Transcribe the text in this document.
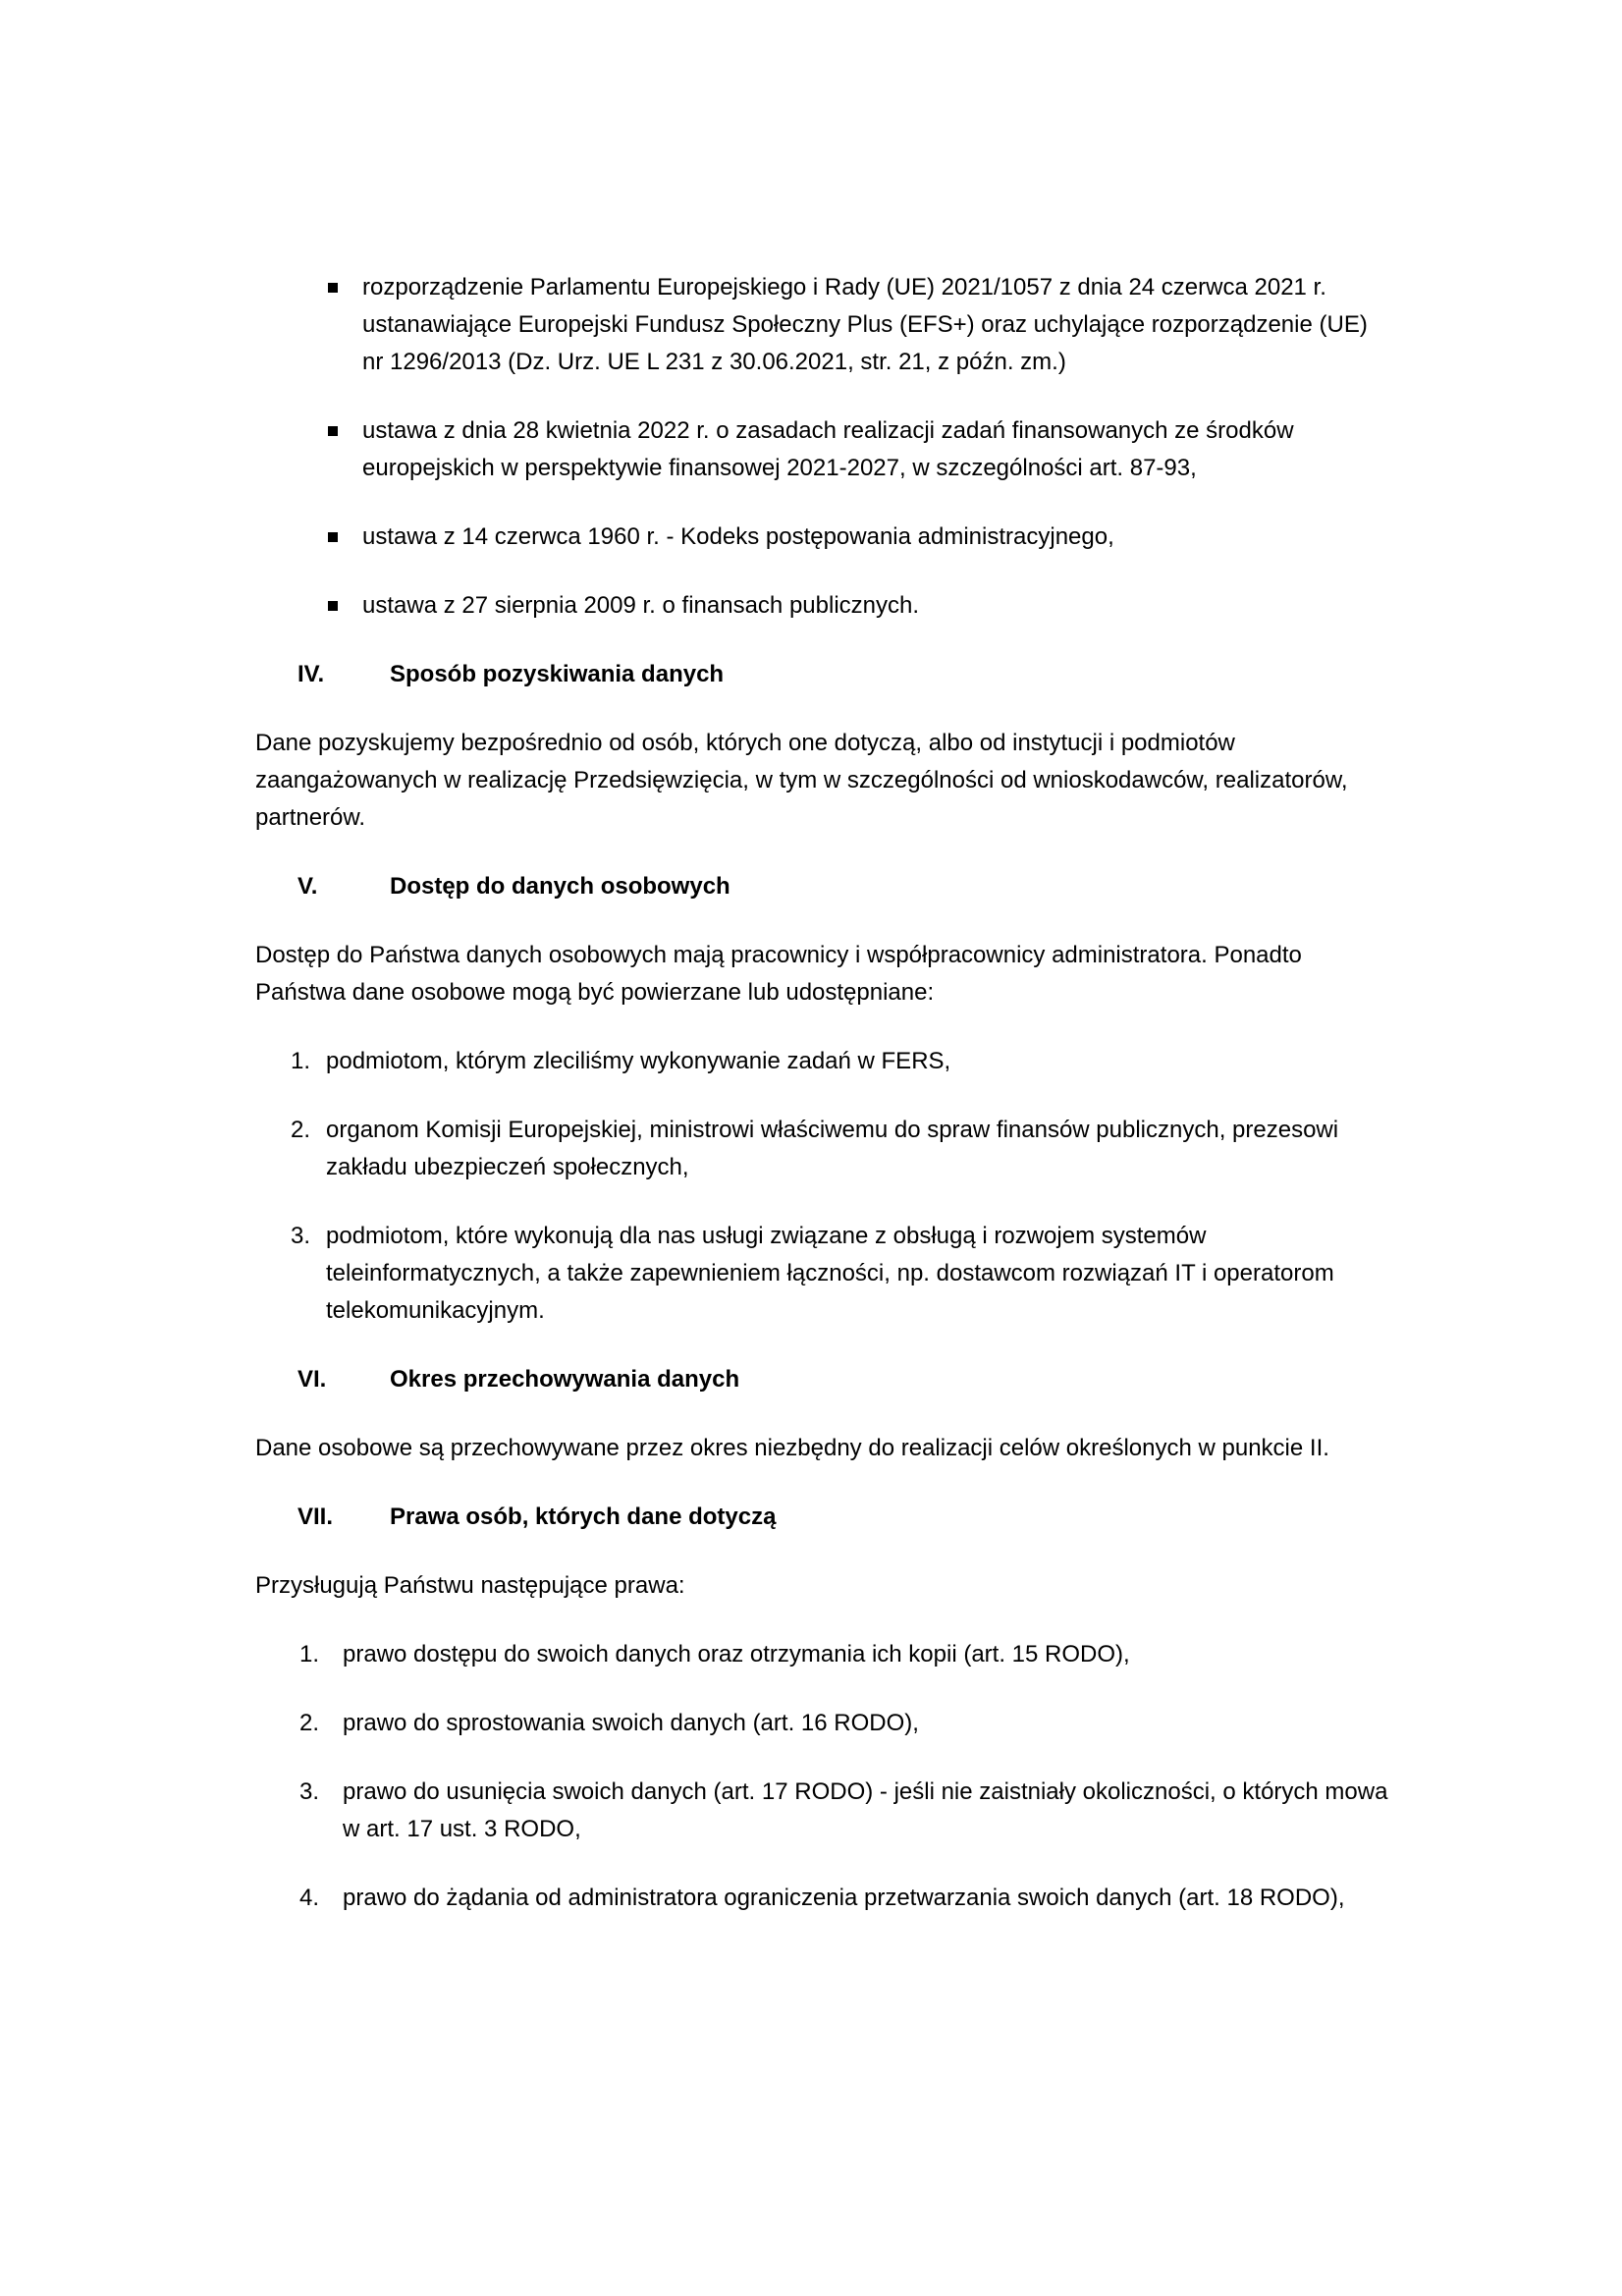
rozporządzenie Parlamentu Europejskiego i Rady (UE) 2021/1057 z dnia 24 czerwca 2021 r. ustanawiające Europejski Fundusz Społeczny Plus (EFS+) oraz uchylające rozporządzenie (UE) nr 1296/2013 (Dz. Urz. UE L 231 z 30.06.2021, str. 21, z późn. zm.)
ustawa z dnia 28 kwietnia 2022 r. o zasadach realizacji zadań finansowanych ze środków europejskich w perspektywie finansowej 2021-2027, w szczególności art. 87-93,
ustawa z 14 czerwca 1960 r. - Kodeks postępowania administracyjnego,
ustawa z 27 sierpnia 2009 r. o finansach publicznych.
IV.	Sposób pozyskiwania danych

Dane pozyskujemy bezpośrednio od osób, których one dotyczą, albo od instytucji i podmiotów zaangażowanych w realizację Przedsięwzięcia, w tym w szczególności od wnioskodawców, realizatorów, partnerów.

V.	Dostęp do danych osobowych

Dostęp do Państwa danych osobowych mają pracownicy i współpracownicy administratora. Ponadto Państwa dane osobowe mogą być powierzane lub udostępniane:

1. podmiotom, którym zleciliśmy wykonywanie zadań w FERS,
2. organom Komisji Europejskiej, ministrowi właściwemu do spraw finansów publicznych, prezesowi zakładu ubezpieczeń społecznych,
3. podmiotom, które wykonują dla nas usługi związane z obsługą i rozwojem systemów teleinformatycznych, a także zapewnieniem łączności, np. dostawcom rozwiązań IT i operatorom telekomunikacyjnym.
VI.	Okres przechowywania danych

Dane osobowe są przechowywane przez okres niezbędny do realizacji celów określonych w punkcie II.

VII.	Prawa osób, których dane dotyczą

Przysługują Państwu następujące prawa:

1. prawo dostępu do swoich danych oraz otrzymania ich kopii (art. 15 RODO),
2. prawo do sprostowania swoich danych (art. 16 RODO),
3. prawo do usunięcia swoich danych (art. 17 RODO) - jeśli nie zaistniały okoliczności, o których mowa w art. 17 ust. 3 RODO,
4. prawo do żądania od administratora ograniczenia przetwarzania swoich danych (art. 18 RODO),
